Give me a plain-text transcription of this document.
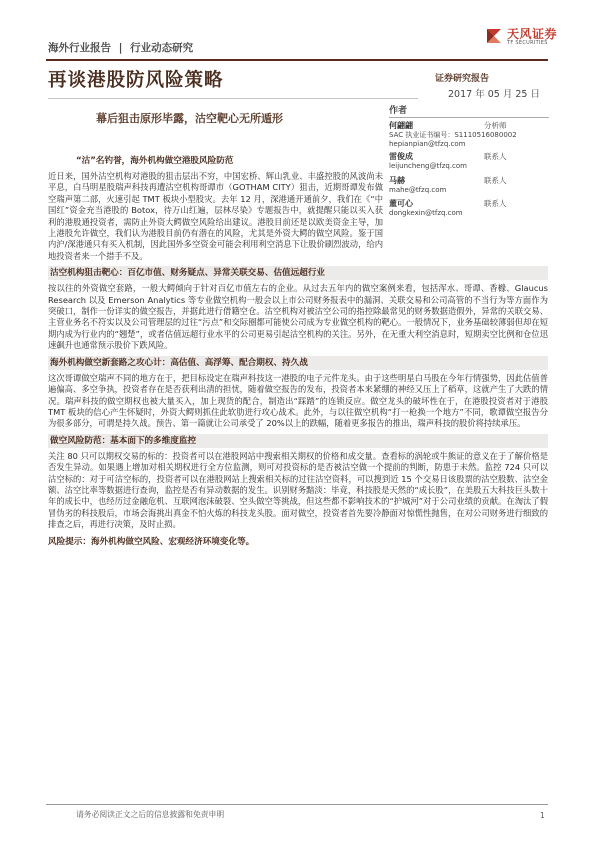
海外行业报告 | 行业动态研究
天风证券
TF SECURITIES
再谈港股防风险策略
幕后狙击原形毕露，沽空靶心无所遁形
证券研究报告
2017 年 05 月 25 日
作者
何翩翩	分析师
SAC 执业证书编号：S1110516080002
hepianpian@tfzq.com
雷俊成	联系人
leijuncheng@tfzq.com
马赫	联系人
mahe@tfzq.com
董可心	联系人
dongkexin@tfzq.com
“沽”名钓誉，海外机构做空港股风险防范
近日来，国外沽空机构对港股的狙击层出不穷，中国宏桥、辉山乳业、丰盛控股的风波尚未平息，白马明星股瑞声科技再遭沽空机构哥谭市（GOTHAM CITY）狙击，近期哥谭发布做空瑞声第二部，火速引起 TMT 板块小型股灾。去年 12 月，深港通开通前夕，我们在《“中国红”资金充当港股的 Botox，待万山红遍，层林尽染》专题报告中，就提醒只能以买入获利的港股通投资者，需防止外资大鳄做空风险给出建议。港股目前还是以欧美资金主导，加上港股允许做空，我们认为港股目前仍有潜在的风险，尤其是外资大鳄的做空风险。鉴于国内沪/深港通只有买入机制，因此国外多空资金可能会利用利空消息下让股价刷烈波动，给内地投资者来一个措手不及。
沽空机构狙击靶心：百亿市值、财务疑点、异常关联交易、估值远超行业
按以往的外资做空套路，一般大鳄倾向于针对百亿市值左右的企业。从过去五年内的做空案例来看，包括浑水、哥谭、香橼、Glaucus Research 以及 Emerson Analytics 等专业做空机构一般会以上市公司财务报表中的漏洞、关联交易和公司高管的不当行为等方面作为突破口，制作一份详实的做空报告，并据此进行借籍空仓。沽空机构对被沽空公司的指控除最常见的财务数据造假外，异常的关联交易、主营业务名不符实以及公司管理层的过往“污点”和交际圈都可能使公司成为专业做空机构的靶心。一般情况下，业务基础较薄弱但却在短期内成为行业内的“翘楚”，或者估值远超行业水平的公司更易引起沽空机构的关注。另外，在无重大利空消息时，短期卖空比例和仓位迅速飙升也通常预示股价下跌风险。
海外机构做空新套路之攻心计：高估值、高浮筹、配合期权、持久战
这次哥谭做空瑞声不同的地方在于，把目标设定在瑞声科技这一港股的电子元件龙头。由于这些明星白马股在今年行情强势，因此估值普遍偏高、多空争执，投资者存在是否获利出清的担忧，随着做空报告的发布，投资者本来紧绷的神经又压上了稻草，这就产生了大跌的情况。瑞声科技的做空期权也被大量买入，加上现货的配合，制造出“踩踏”的连锁反应。做空龙头的破坏性在于，在港股投资者对于港股 TMT 板块的信心产生怀疑时，外资大鳄则抓住此软肋进行攻心战术。此外，与以往做空机构“打一枪换一个地方”不同，歌谭做空报告分为很多部分，可谓是持久战。预告、第一篇就让公司承受了 20%以上的跌幅，随着更多报告的推出，瑞声科技的股价将持续承压。
做空风险防范：基本面下的多维度监控
关注 80 只可以期权交易的标的：投资者可以在港股网站中搜索相关期权的价格和成交量。查看标的涡轮或牛熊证的意义在于了解价格是否发生异动。如果遇上增加对相关期权进行全方位监测，则可对投资标的是否被沽空做一个提前的判断，防患于未然。监控 724 只可以沽空标的：对于可沽空标的，投资者可以在港股网站上搜索相关标的过往沽空资料，可以搜到近 15 个交易日该股票的沽空股数、沽空金额、沽空比率等数据进行查询，监控是否有异动数据的发生。识别财务黯淡：毕竟，科技股是天然的“成长股”，在美股五大科技巨头数十年的成长中，也经历过金融危机、互联网泡沫破裂、空头做空等挑战，但这些都不影响技术的“护城河”对于公司业绩的贡献。在淘汰了假冒伪劣的科技股后，市场会海挑出真金不怕火炼的科技龙头股。面对做空，投资者首先要冷静面对惊慌性抛售，在对公司财务进行细致的排查之后，再进行决策，及时止损。
风险提示：海外机构做空风险、宏观经济环境变化等。
请务必阅读正文之后的信息披露和免责申明	1
